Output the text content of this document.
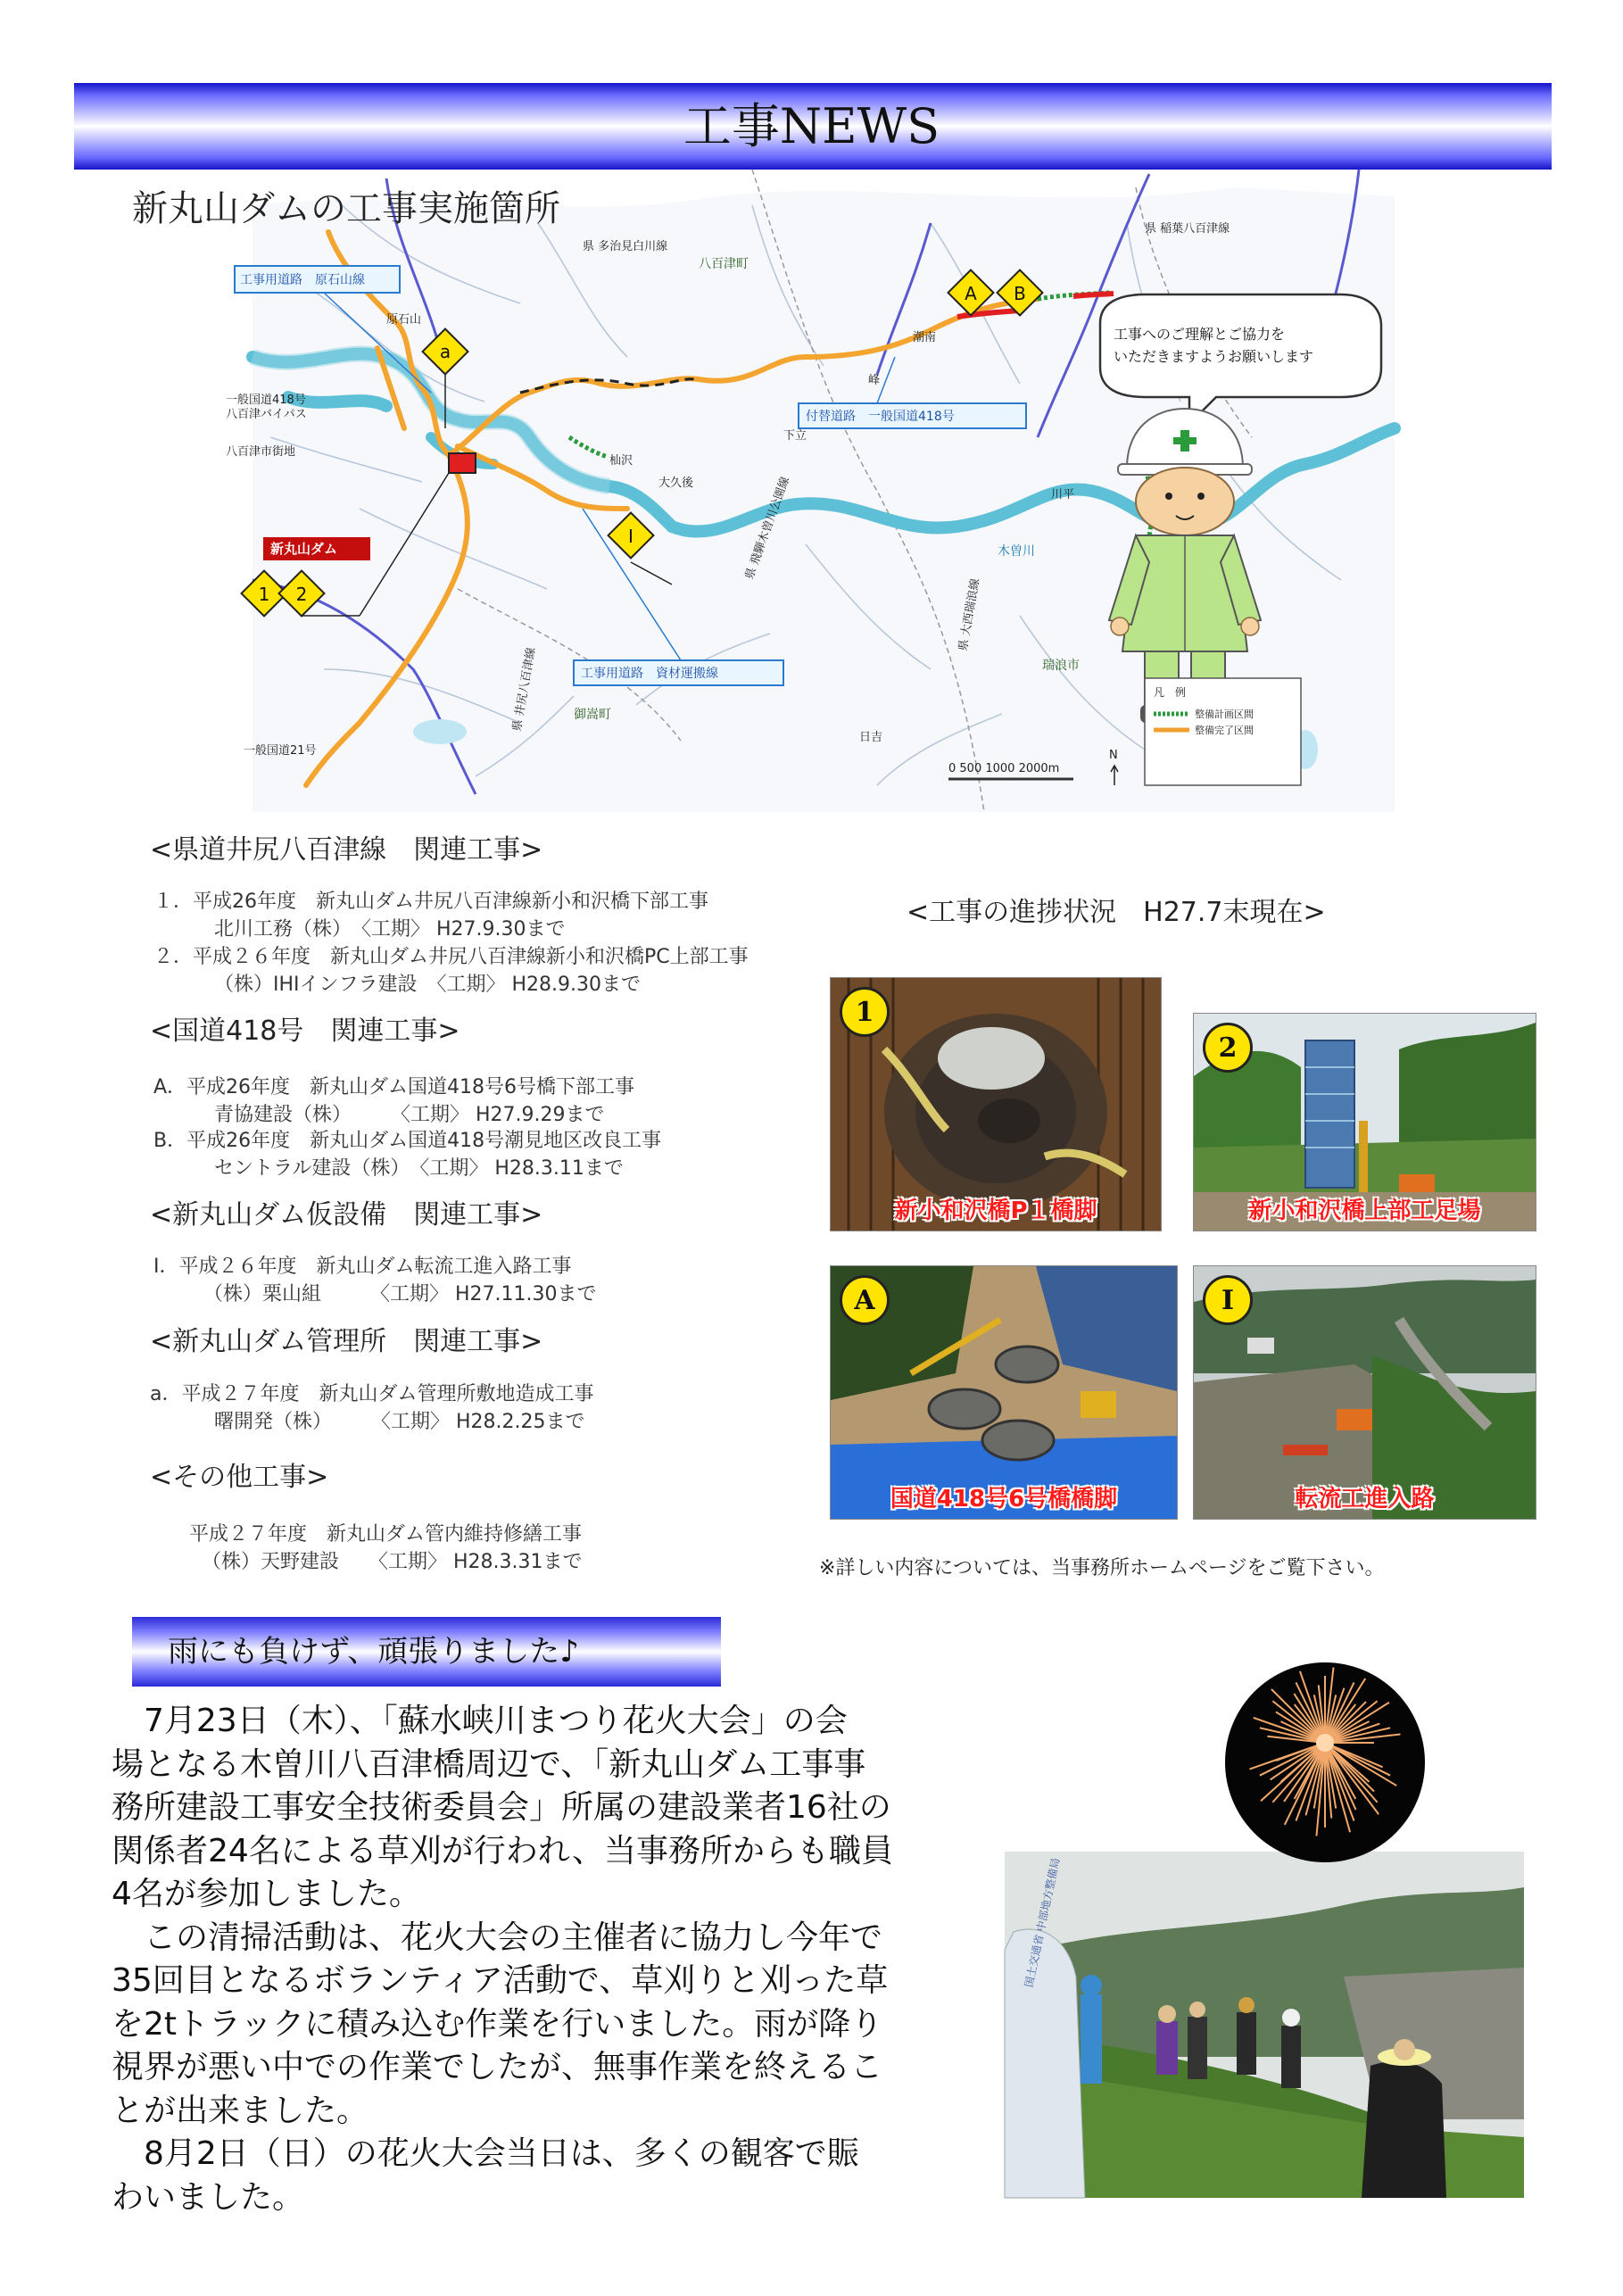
工事NEWS
工事用道路　原石山線
付替道路　一般国道418号
工事用道路　資材運搬線
新丸山ダム
八百津町
原石山
県 多治見白川線
県 稲葉八百津線
潮南
峰
下立
一般国道418号
八百津バイパス
八百津市街地
杣沢
大久後
川平
木曽川
県 飛騨木曽川公園線
県 大西瑞浪線
瑞浪市
御嵩町
県 井尻八百津線
一般国道21号
日吉
0 500 1000 2000m
N
a
A B
1 2
I
工事へのご理解とご協力を
いただきますようお願いします
凡　例
整備計画区間
整備完了区間
新丸山ダムの工事実施箇所
<県道井尻八百津線　関連工事>
１．平成26年度　新丸山ダム井尻八百津線新小和沢橋下部工事
北川工務（株）　〈工期〉 H27.9.30まで
２．平成２６年度　新丸山ダム井尻八百津線新小和沢橋PC上部工事
（株）IHIインフラ建設　〈工期〉 H28.9.30まで
<国道418号　関連工事>
A．平成26年度　新丸山ダム国道418号6号橋下部工事
青協建設（株）　　　〈工期〉 H27.9.29まで
B．平成26年度　新丸山ダム国道418号潮見地区改良工事
セントラル建設（株）　〈工期〉 H28.3.11まで
<新丸山ダム仮設備　関連工事>
Ⅰ．平成２６年度　新丸山ダム転流工進入路工事
（株）栗山組　　　〈工期〉 H27.11.30まで
<新丸山ダム管理所　関連工事>
a．平成２７年度　新丸山ダム管理所敷地造成工事
曙開発（株）　　　〈工期〉 H28.2.25まで
<その他工事>
平成２７年度　新丸山ダム管内維持修繕工事
（株）天野建設　　〈工期〉 H28.3.31まで
<工事の進捗状況　H27.7末現在>
1
新小和沢橋P１橋脚
2
新小和沢橋上部工足場
A
国道418号6号橋橋脚
I
転流工進入路
※詳しい内容については、当事務所ホームページをご覧下さい。
雨にも負けず、頑張りました♪
　7月23日（木）、「蘇水峡川まつり花火大会」の会
場となる木曽川八百津橋周辺で、「新丸山ダム工事事
務所建設工事安全技術委員会」所属の建設業者16社の
関係者24名による草刈が行われ、当事務所からも職員
4名が参加しました。
　この清掃活動は、花火大会の主催者に協力し今年で
35回目となるボランティア活動で、草刈りと刈った草
を2tトラックに積み込む作業を行いました。雨が降り
視界が悪い中での作業でしたが、無事作業を終えるこ
とが出来ました。
　8月2日（日）の花火大会当日は、多くの観客で賑
わいました。
